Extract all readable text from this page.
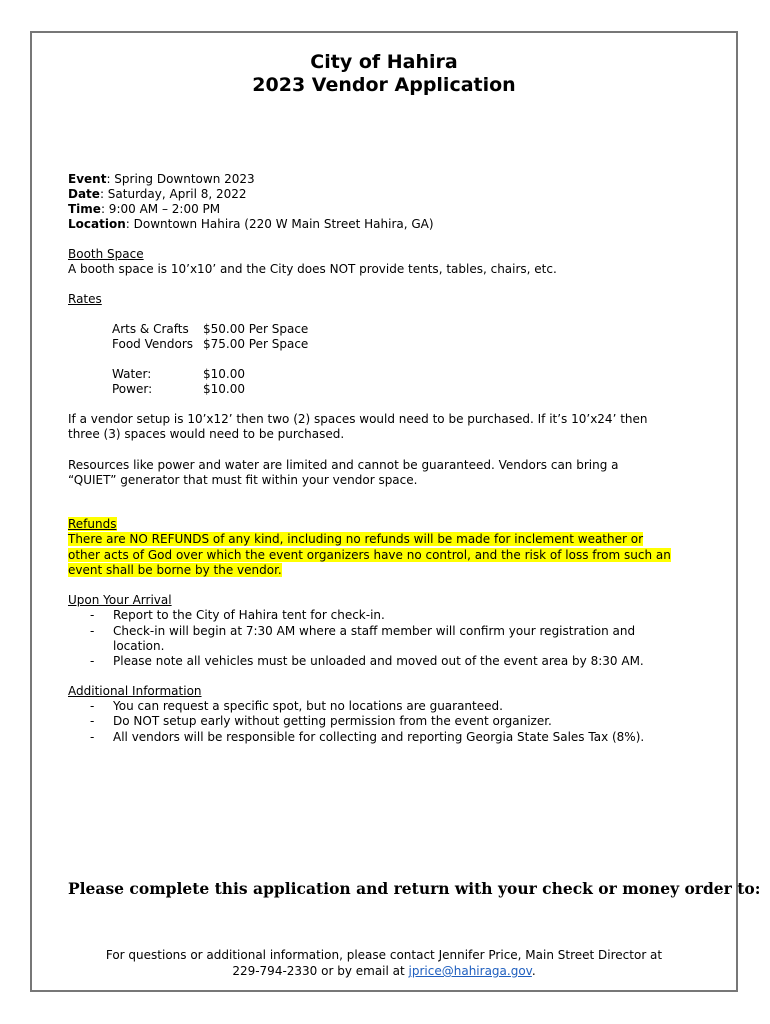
City of Hahira
2023 Vendor Application
Event: Spring Downtown 2023
Date: Saturday, April 8, 2022
Time: 9:00 AM – 2:00 PM
Location: Downtown Hahira (220 W Main Street Hahira, GA)
Booth Space
A booth space is 10’x10’ and the City does NOT provide tents, tables, chairs, etc.
Rates
Arts & Crafts $50.00 Per Space
Food Vendors $75.00 Per Space
Water:	$10.00
Power:	$10.00
If a vendor setup is 10’x12’ then two (2) spaces would need to be purchased. If it’s 10’x24’ then
three (3) spaces would need to be purchased.
Resources like power and water are limited and cannot be guaranteed. Vendors can bring a
“QUIET” generator that must fit within your vendor space.
Refunds
There are NO REFUNDS of any kind, including no refunds will be made for inclement weather or
other acts of God over which the event organizers have no control, and the risk of loss from such an
event shall be borne by the vendor.
Upon Your Arrival
- Report to the City of Hahira tent for check-in.
- Check-in will begin at 7:30 AM where a staff member will confirm your registration and
location.
- Please note all vehicles must be unloaded and moved out of the event area by 8:30 AM.
Additional Information
- You can request a specific spot, but no locations are guaranteed.
- Do NOT setup early without getting permission from the event organizer.
- All vendors will be responsible for collecting and reporting Georgia State Sales Tax (8%).
Please complete this application and return with your check or money order to:
For questions or additional information, please contact Jennifer Price, Main Street Director at
229-794-2330 or by email at jprice@hahiraga.gov.
